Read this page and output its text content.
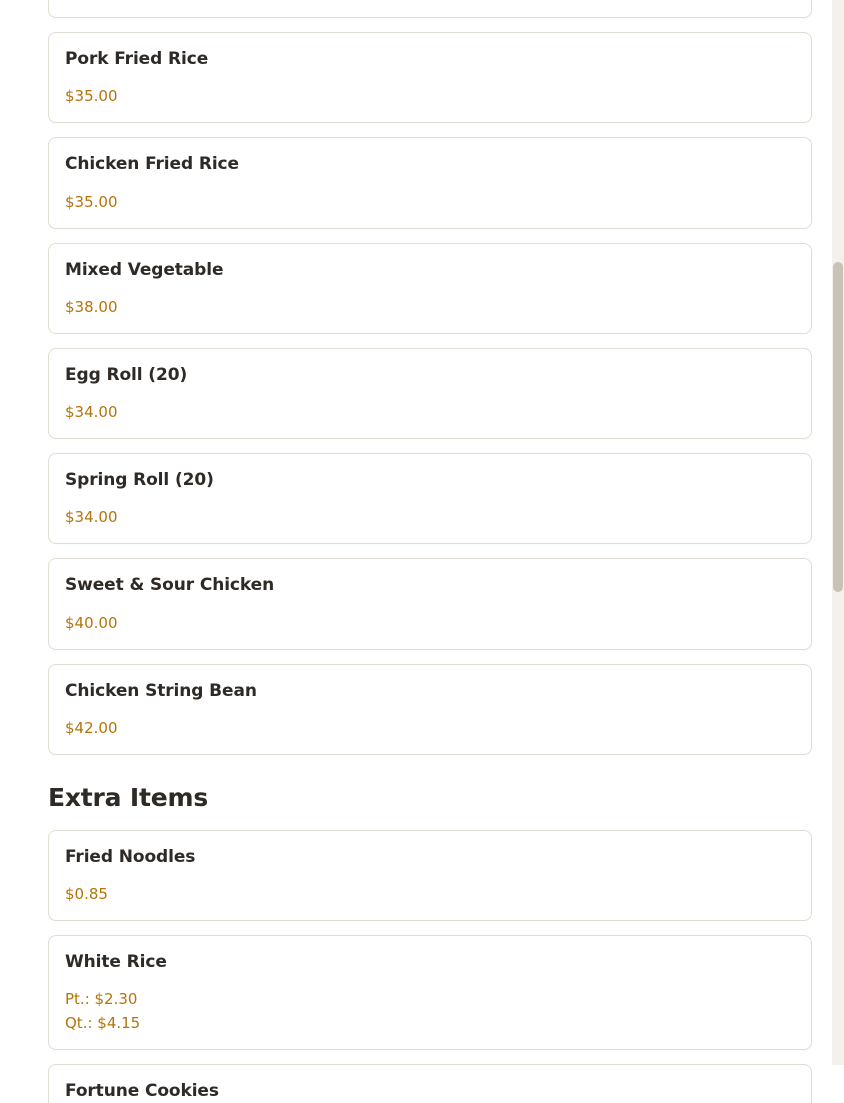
Pork Fried Rice
$35.00
Chicken Fried Rice
$35.00
Mixed Vegetable
$38.00
Egg Roll (20)
$34.00
Spring Roll (20)
$34.00
Sweet & Sour Chicken
$40.00
Chicken String Bean
$42.00
Extra Items
Fried Noodles
$0.85
White Rice
Pt.: $2.30
Qt.: $4.15
Fortune Cookies
